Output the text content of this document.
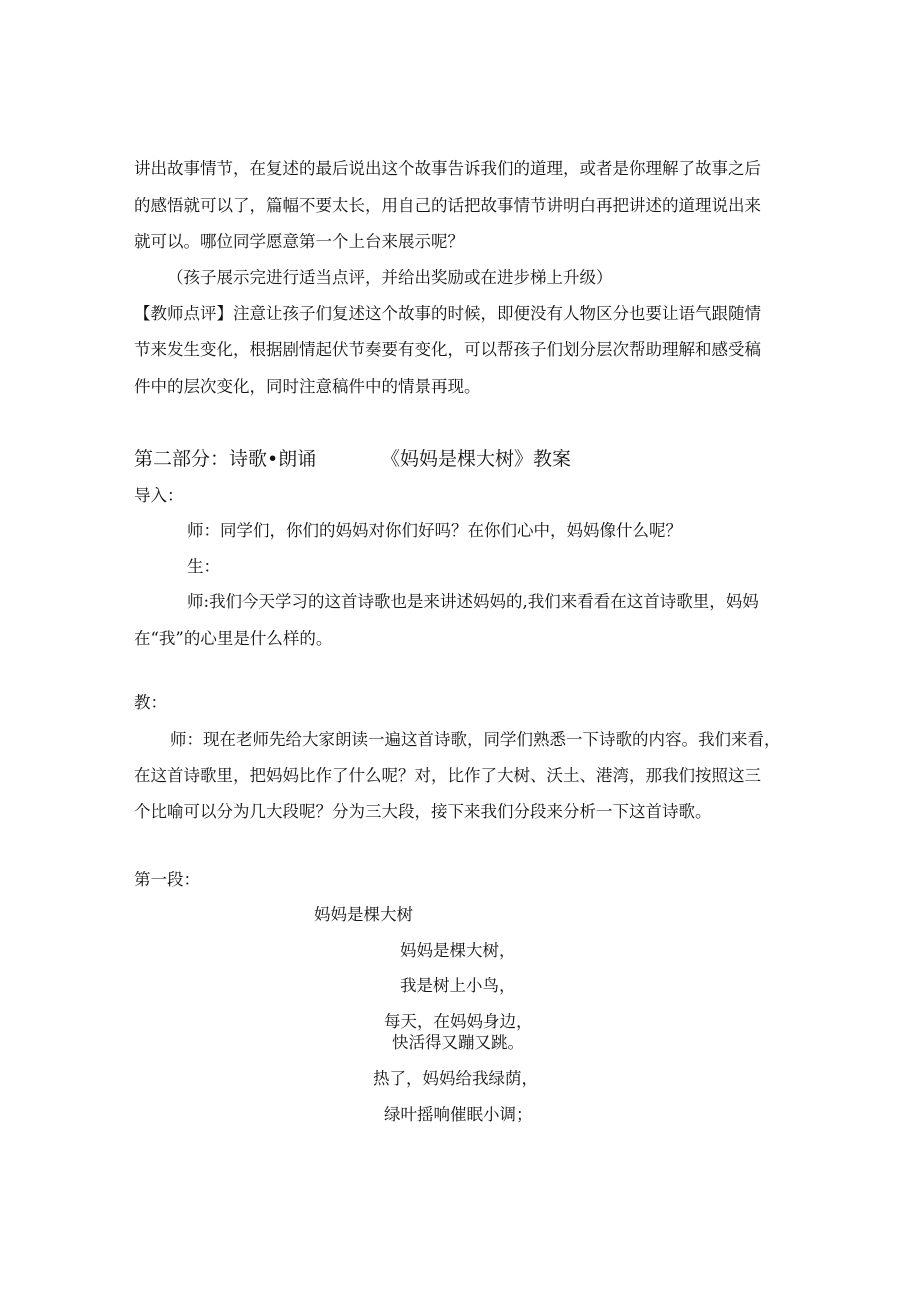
讲出故事情节，在复述的最后说出这个故事告诉我们的道理，或者是你理解了故事之后
的感悟就可以了，篇幅不要太长，用自己的话把故事情节讲明白再把讲述的道理说出来
就可以。哪位同学愿意第一个上台来展示呢？
（孩子展示完进行适当点评，并给出奖励或在进步梯上升级）
【教师点评】注意让孩子们复述这个故事的时候，即便没有人物区分也要让语气跟随情
节来发生变化，根据剧情起伏节奏要有变化，可以帮孩子们划分层次帮助理解和感受稿
件中的层次变化，同时注意稿件中的情景再现。
第二部分：诗歌•朗诵	《妈妈是棵大树》教案
导入：
师：同学们，你们的妈妈对你们好吗？在你们心中，妈妈像什么呢？
生：
师:我们今天学习的这首诗歌也是来讲述妈妈的,我们来看看在这首诗歌里，妈妈
在“我”的心里是什么样的。
教：
师：现在老师先给大家朗读一遍这首诗歌，同学们熟悉一下诗歌的内容。我们来看，
在这首诗歌里，把妈妈比作了什么呢？对，比作了大树、沃土、港湾，那我们按照这三
个比喻可以分为几大段呢？分为三大段，接下来我们分段来分析一下这首诗歌。
第一段：
妈妈是棵大树
妈妈是棵大树，
我是树上小鸟，
每天，在妈妈身边，
快活得又蹦又跳。
热了，妈妈给我绿荫，
绿叶摇响催眠小调；
